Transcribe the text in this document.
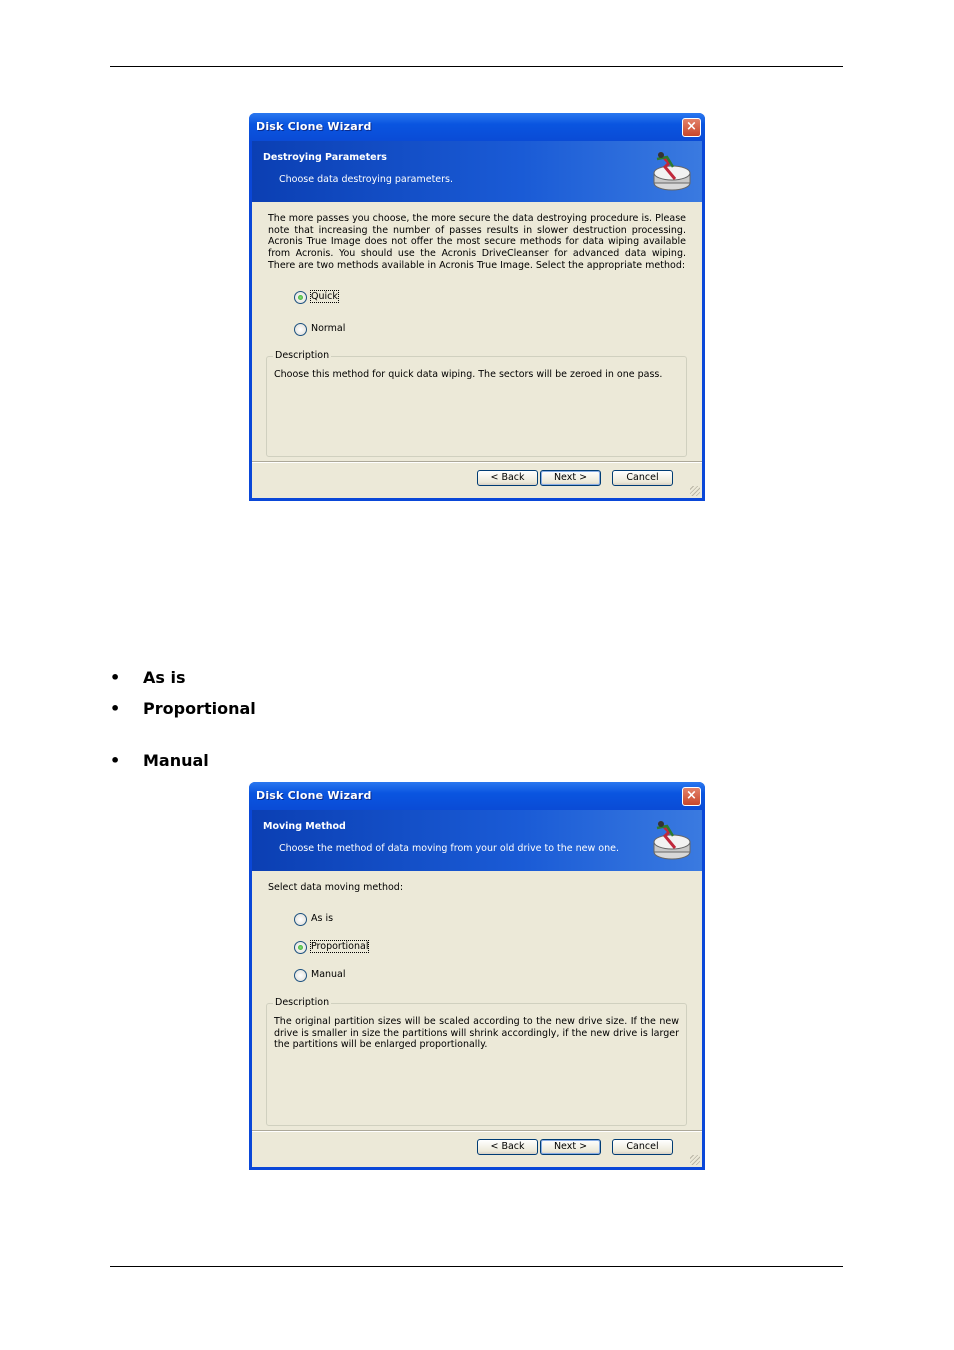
Disk Clone Wizard	×
Destroying Parameters
Choose data destroying parameters.
The more passes you choose, the more secure the data destroying procedure is. Please note that increasing the number of passes results in slower destruction processing. Acronis True Image does not offer the most secure methods for data wiping available from Acronis. You should use the Acronis DriveCleanser for advanced data wiping. There are two methods available in Acronis True Image. Select the appropriate method:
Quick
Normal
Description
Choose this method for quick data wiping. The sectors will be zeroed in one pass.
< Back	Next >	Cancel
•	As is
•	Proportional
•	Manual
Disk Clone Wizard	×
Moving Method
Choose the method of data moving from your old drive to the new one.
Select data moving method:
As is
Proportional
Manual
Description
The original partition sizes will be scaled according to the new drive size. If the new drive is smaller in size the partitions will shrink accordingly, if the new drive is larger the partitions will be enlarged proportionally.
< Back	Next >	Cancel
